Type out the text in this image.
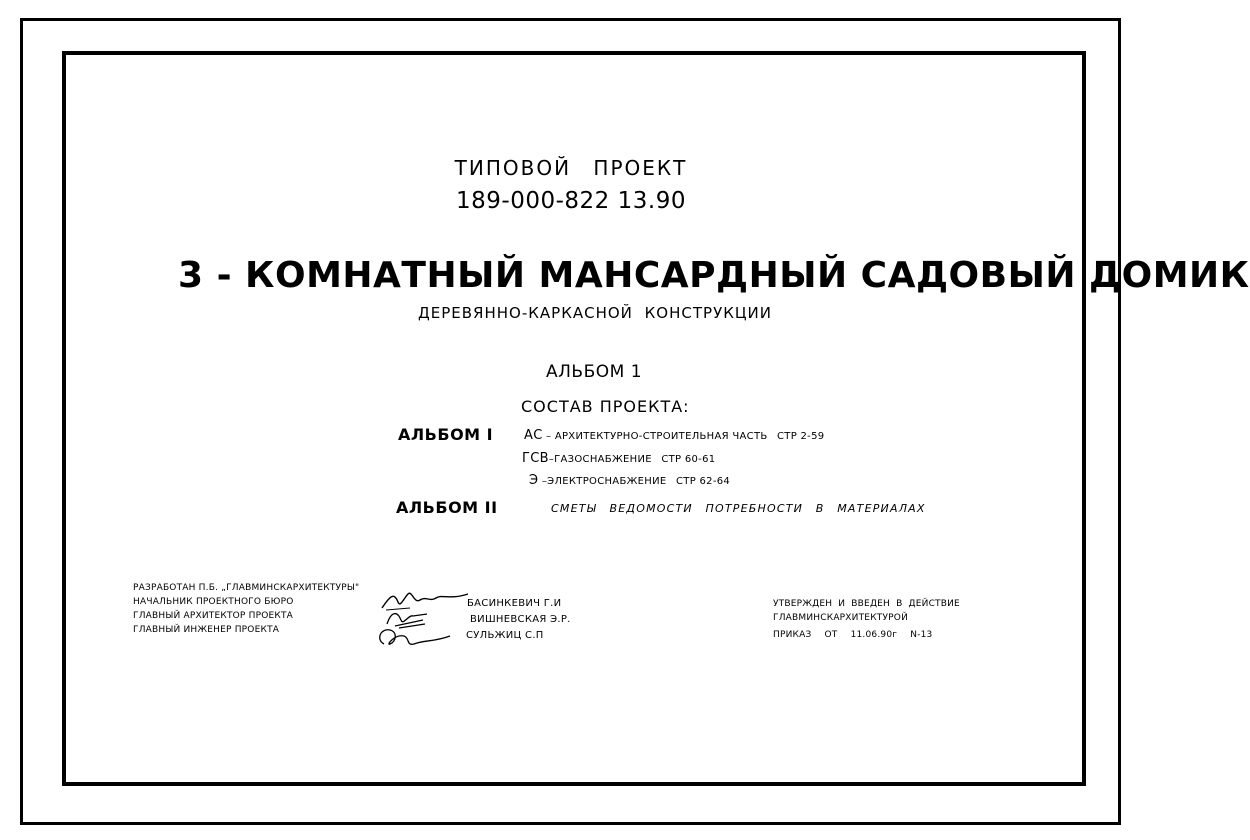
ТИПОВОЙ ПРОЕКТ
189-000-822 13.90
3 - КОМНАТНЫЙ МАНСАРДНЫЙ САДОВЫЙ ДОМИК
ДЕРЕВЯННО-КАРКАСНОЙ КОНСТРУКЦИИ
АЛЬБОМ 1
СОСТАВ ПРОЕКТА:
АЛЬБОМ I АС – АРХИТЕКТУРНО-СТРОИТЕЛЬНАЯ ЧАСТЬ СТР 2-59
ГСВ–ГАЗОСНАБЖЕНИЕ СТР 60-61
Э –ЭЛЕКТРОСНАБЖЕНИЕ СТР 62-64
АЛЬБОМ II	СМЕТЫ ВЕДОМОСТИ ПОТРЕБНОСТИ В МАТЕРИАЛАХ
РАЗРАБОТАН П.Б. „ГЛАВМИНСКАРХИТЕКТУРЫ"
НАЧАЛЬНИК ПРОЕКТНОГО БЮРО
ГЛАВНЫЙ АРХИТЕКТОР ПРОЕКТА
ГЛАВНЫЙ ИНЖЕНЕР ПРОЕКТА
БАСИНКЕВИЧ Г.И
ВИШНЕВСКАЯ Э.Р.
СУЛЬЖИЦ С.П
УТВЕРЖДЕН И ВВЕДЕН В ДЕЙСТВИЕ
ГЛАВМИНСКАРХИТЕКТУРОЙ
ПРИКАЗ ОТ 11.06.90г N-13
